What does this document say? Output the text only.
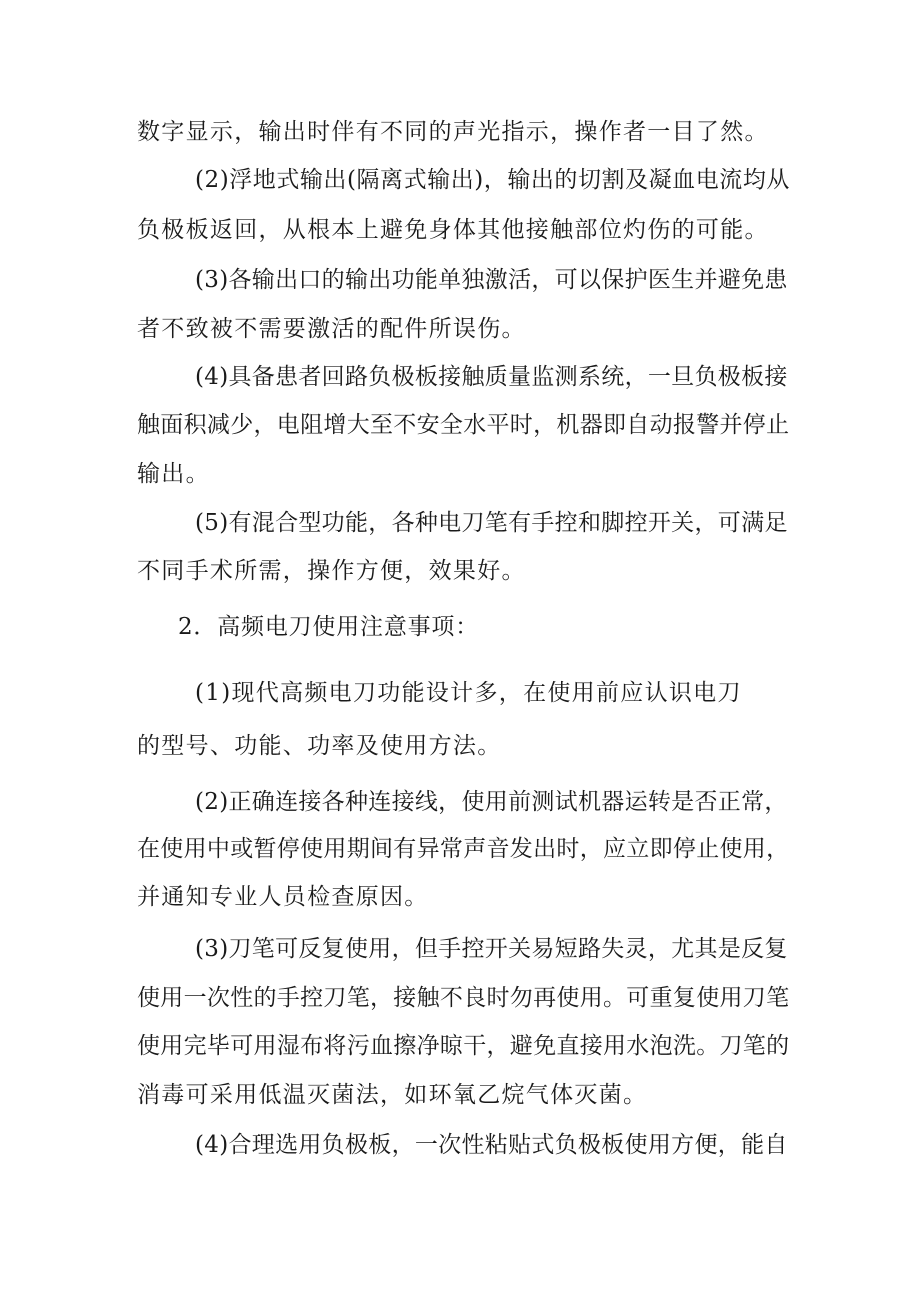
数字显示，输出时伴有不同的声光指示，操作者一目了然。
(2)浮地式输出(隔离式输出)，输出的切割及凝血电流均从
负极板返回，从根本上避免身体其他接触部位灼伤的可能。
(3)各输出口的输出功能单独激活，可以保护医生并避免患
者不致被不需要激活的配件所误伤。
(4)具备患者回路负极板接触质量监测系统，一旦负极板接
触面积减少，电阻增大至不安全水平时，机器即自动报警并停止
输出。
(5)有混合型功能，各种电刀笔有手控和脚控开关，可满足
不同手术所需，操作方便，效果好。
2．高频电刀使用注意事项：
(1)现代高频电刀功能设计多，在使用前应认识电刀
的型号、功能、功率及使用方法。
(2)正确连接各种连接线，使用前测试机器运转是否正常，
在使用中或暂停使用期间有异常声音发出时，应立即停止使用，
并通知专业人员检查原因。
(3)刀笔可反复使用，但手控开关易短路失灵，尤其是反复
使用一次性的手控刀笔，接触不良时勿再使用。可重复使用刀笔
使用完毕可用湿布将污血擦净晾干，避免直接用水泡洗。刀笔的
消毒可采用低温灭菌法，如环氧乙烷气体灭菌。
(4)合理选用负极板，一次性粘贴式负极板使用方便，能自
